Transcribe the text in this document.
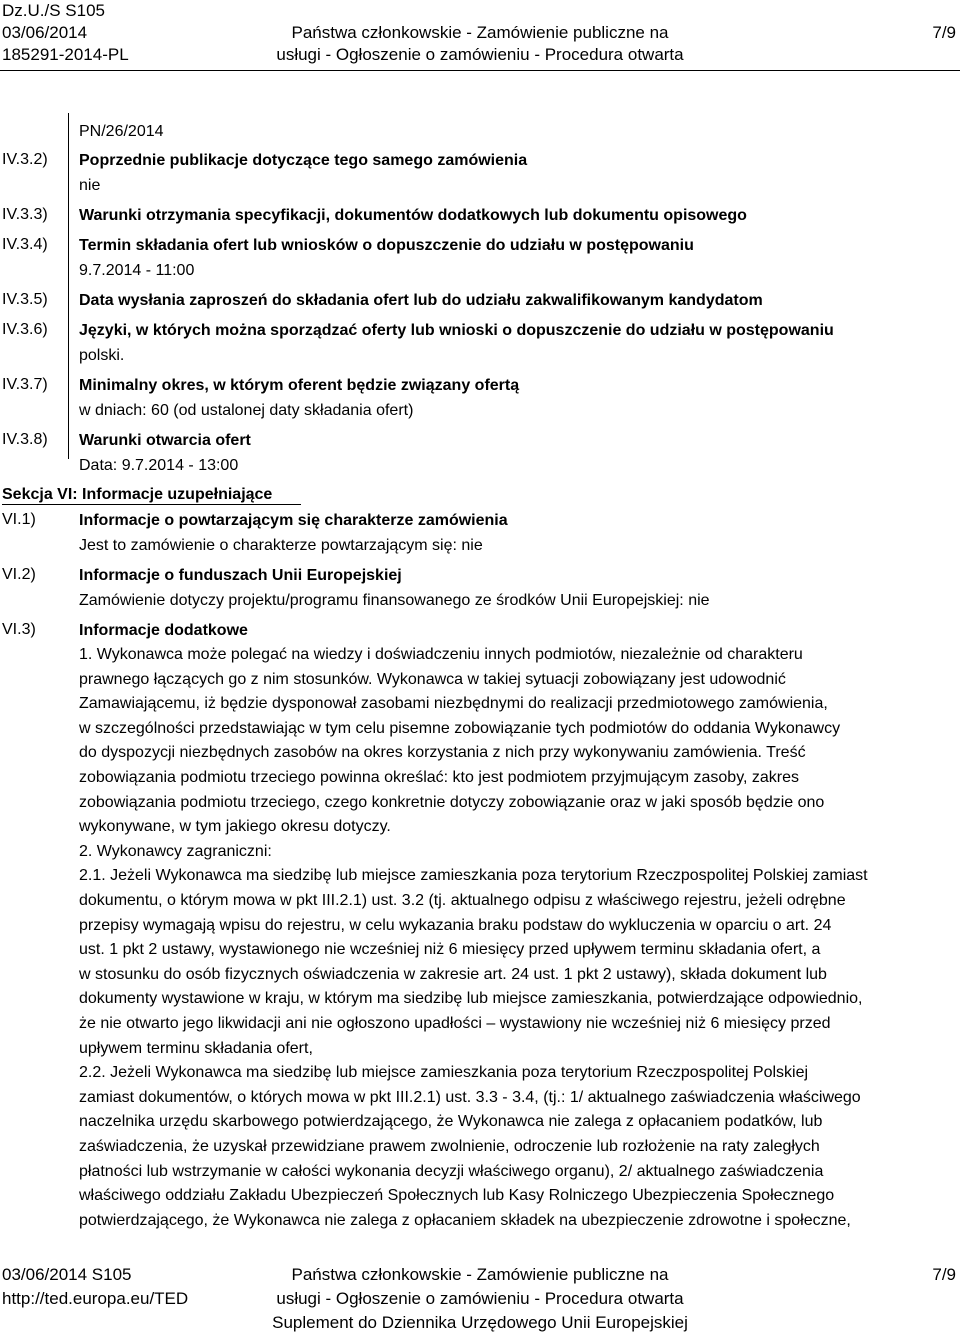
Dz.U./S S105
03/06/2014
185291-2014-PL
Państwa członkowskie - Zamówienie publiczne na
usługi - Ogłoszenie o zamówieniu - Procedura otwarta
7/9
PN/26/2014
IV.3.2) Poprzednie publikacje dotyczące tego samego zamówienia
nie
IV.3.3) Warunki otrzymania specyfikacji, dokumentów dodatkowych lub dokumentu opisowego
IV.3.4) Termin składania ofert lub wniosków o dopuszczenie do udziału w postępowaniu
9.7.2014 - 11:00
IV.3.5) Data wysłania zaproszeń do składania ofert lub do udziału zakwalifikowanym kandydatom
IV.3.6) Języki, w których można sporządzać oferty lub wnioski o dopuszczenie do udziału w postępowaniu
polski.
IV.3.7) Minimalny okres, w którym oferent będzie związany ofertą
w dniach: 60 (od ustalonej daty składania ofert)
IV.3.8) Warunki otwarcia ofert
Data: 9.7.2014 - 13:00
Sekcja VI: Informacje uzupełniające
VI.1)	Informacje o powtarzającym się charakterze zamówienia
Jest to zamówienie o charakterze powtarzającym się: nie
VI.2)	Informacje o funduszach Unii Europejskiej
Zamówienie dotyczy projektu/programu finansowanego ze środków Unii Europejskiej: nie
VI.3)	Informacje dodatkowe
1. Wykonawca może polegać na wiedzy i doświadczeniu innych podmiotów, niezależnie od charakteru
prawnego łączących go z nim stosunków. Wykonawca w takiej sytuacji zobowiązany jest udowodnić
Zamawiającemu, iż będzie dysponował zasobami niezbędnymi do realizacji przedmiotowego zamówienia,
w szczególności przedstawiając w tym celu pisemne zobowiązanie tych podmiotów do oddania Wykonawcy
do dyspozycji niezbędnych zasobów na okres korzystania z nich przy wykonywaniu zamówienia. Treść
zobowiązania podmiotu trzeciego powinna określać: kto jest podmiotem przyjmującym zasoby, zakres
zobowiązania podmiotu trzeciego, czego konkretnie dotyczy zobowiązanie oraz w jaki sposób będzie ono
wykonywane, w tym jakiego okresu dotyczy.
2. Wykonawcy zagraniczni:
2.1. Jeżeli Wykonawca ma siedzibę lub miejsce zamieszkania poza terytorium Rzeczpospolitej Polskiej zamiast
dokumentu, o którym mowa w pkt III.2.1) ust. 3.2 (tj. aktualnego odpisu z właściwego rejestru, jeżeli odrębne
przepisy wymagają wpisu do rejestru, w celu wykazania braku podstaw do wykluczenia w oparciu o art. 24
ust. 1 pkt 2 ustawy, wystawionego nie wcześniej niż 6 miesięcy przed upływem terminu składania ofert, a
w stosunku do osób fizycznych oświadczenia w zakresie art. 24 ust. 1 pkt 2 ustawy), składa dokument lub
dokumenty wystawione w kraju, w którym ma siedzibę lub miejsce zamieszkania, potwierdzające odpowiednio,
że nie otwarto jego likwidacji ani nie ogłoszono upadłości – wystawiony nie wcześniej niż 6 miesięcy przed
upływem terminu składania ofert,
2.2. Jeżeli Wykonawca ma siedzibę lub miejsce zamieszkania poza terytorium Rzeczpospolitej Polskiej
zamiast dokumentów, o których mowa w pkt III.2.1) ust. 3.3 - 3.4, (tj.: 1/ aktualnego zaświadczenia właściwego
naczelnika urzędu skarbowego potwierdzającego, że Wykonawca nie zalega z opłacaniem podatków, lub
zaświadczenia, że uzyskał przewidziane prawem zwolnienie, odroczenie lub rozłożenie na raty zaległych
płatności lub wstrzymanie w całości wykonania decyzji właściwego organu), 2/ aktualnego zaświadczenia
właściwego oddziału Zakładu Ubezpieczeń Społecznych lub Kasy Rolniczego Ubezpieczenia Społecznego
potwierdzającego, że Wykonawca nie zalega z opłacaniem składek na ubezpieczenie zdrowotne i społeczne,
03/06/2014 S105
http://ted.europa.eu/TED
Państwa członkowskie - Zamówienie publiczne na
usługi - Ogłoszenie o zamówieniu - Procedura otwarta
Suplement do Dziennika Urzędowego Unii Europejskiej
7/9
